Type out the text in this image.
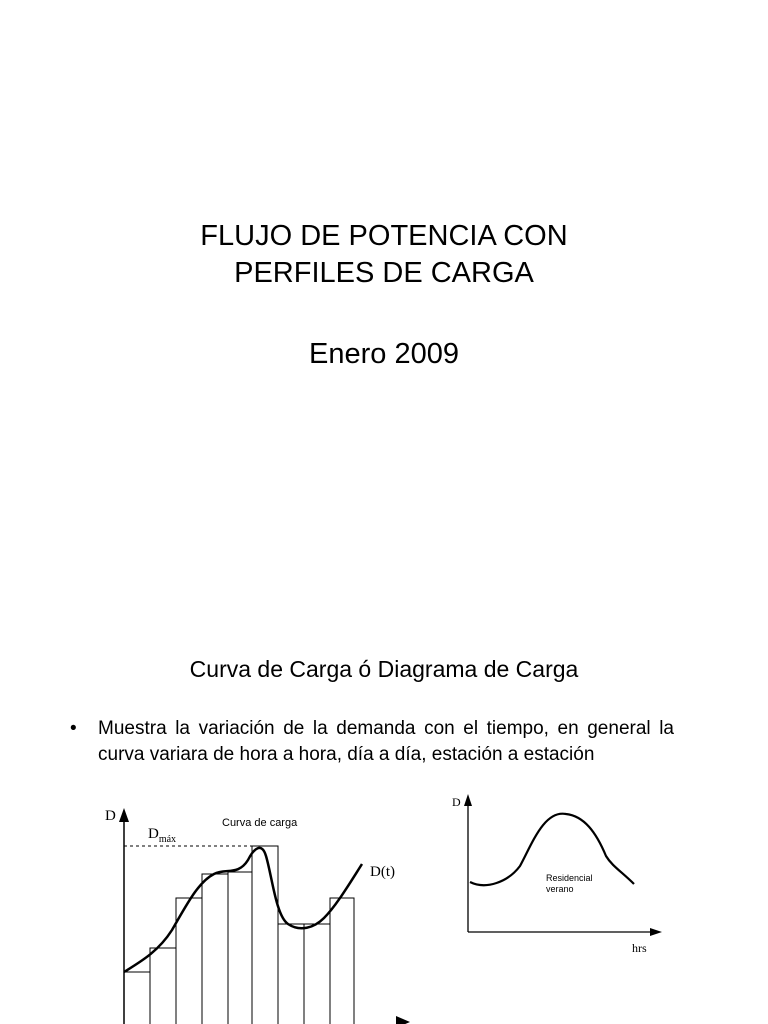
FLUJO DE POTENCIA CON
PERFILES DE CARGA
Enero 2009
Curva de Carga ó Diagrama de Carga
•	Muestra la variación de la demanda con el tiempo, en general la curva variara de hora a hora, día a día, estación a estación
D
$D_{máx}$
Curva de carga
D(t)
D
hrs
Residencial
verano
